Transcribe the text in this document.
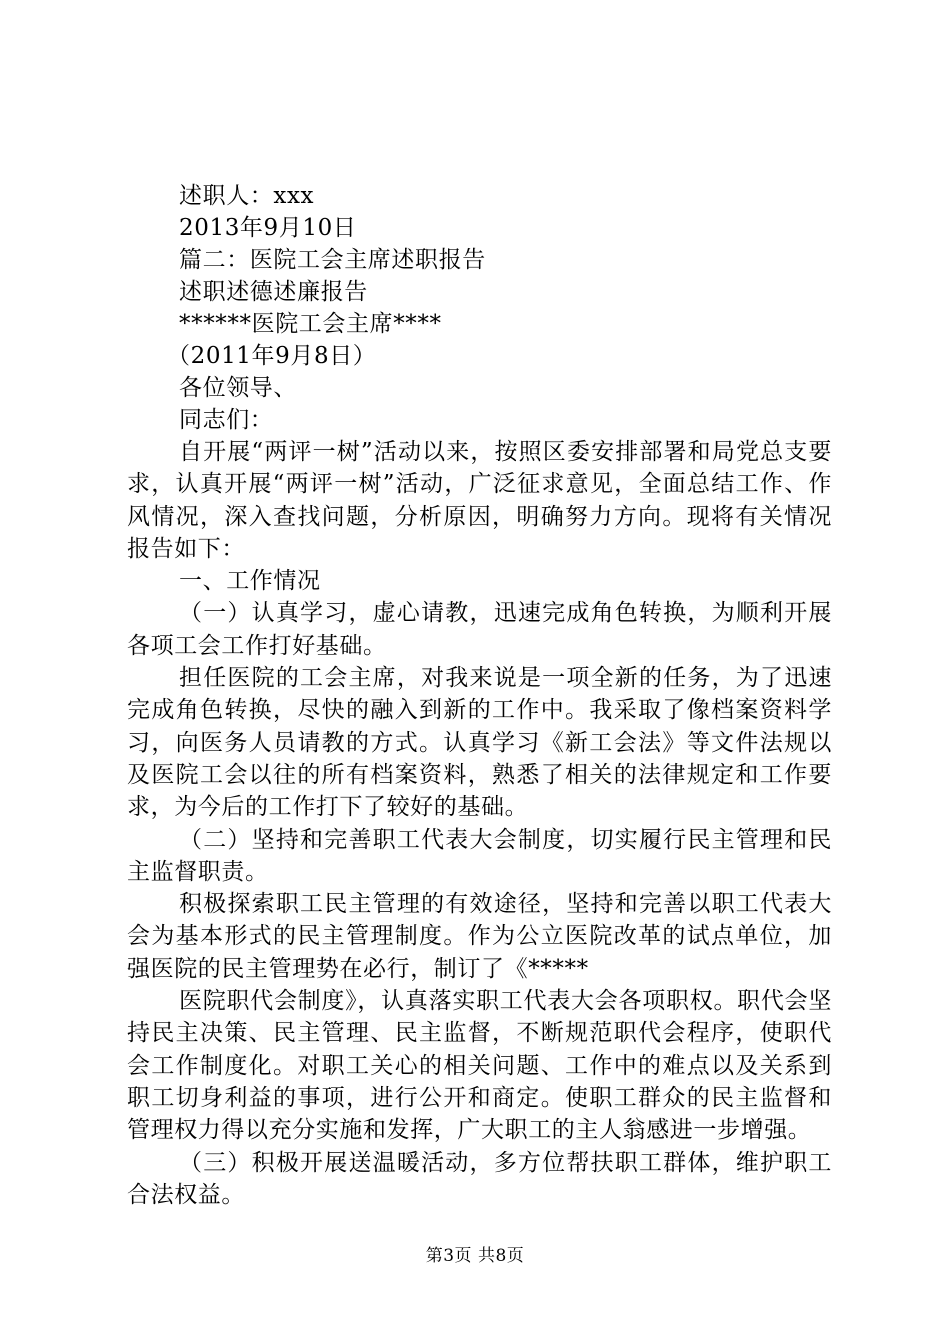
述职人：xxx
2013年9月10日
篇二：医院工会主席述职报告
述职述德述廉报告
******医院工会主席****
（2011年9月8日）
各位领导、
同志们：
自开展“两评一树”活动以来，按照区委安排部署和局党总支要求，认真开展“两评一树”活动，广泛征求意见，全面总结工作、作风情况，深入查找问题，分析原因，明确努力方向。现将有关情况报告如下：
一、工作情况
（一）认真学习，虚心请教，迅速完成角色转换，为顺利开展各项工会工作打好基础。
担任医院的工会主席，对我来说是一项全新的任务，为了迅速完成角色转换，尽快的融入到新的工作中。我采取了像档案资料学习，向医务人员请教的方式。认真学习《新工会法》等文件法规以及医院工会以往的所有档案资料，熟悉了相关的法律规定和工作要求，为今后的工作打下了较好的基础。
（二）坚持和完善职工代表大会制度，切实履行民主管理和民主监督职责。
积极探索职工民主管理的有效途径，坚持和完善以职工代表大会为基本形式的民主管理制度。作为公立医院改革的试点单位，加强医院的民主管理势在必行，制订了《*****
医院职代会制度》，认真落实职工代表大会各项职权。职代会坚持民主决策、民主管理、民主监督，不断规范职代会程序，使职代会工作制度化。对职工关心的相关问题、工作中的难点以及关系到职工切身利益的事项，进行公开和商定。使职工群众的民主监督和管理权力得以充分实施和发挥，广大职工的主人翁感进一步增强。
（三）积极开展送温暖活动，多方位帮扶职工群体，维护职工合法权益。
第3页 共8页
